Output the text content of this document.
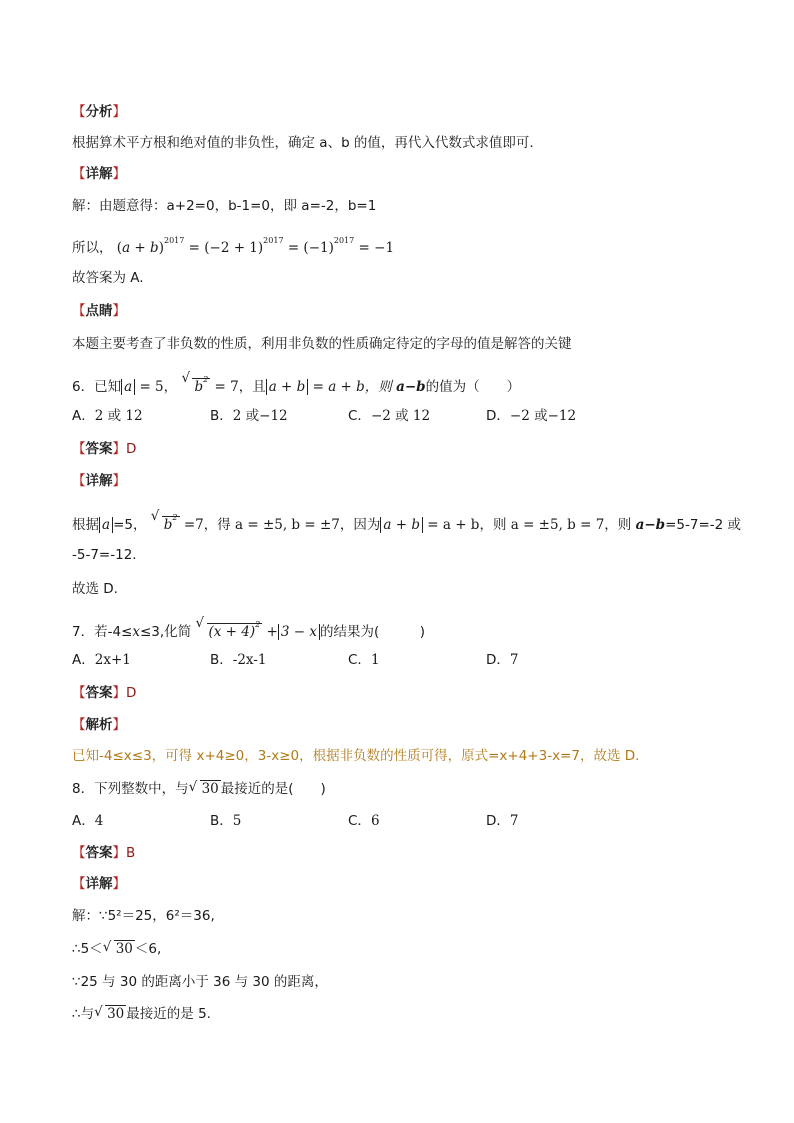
【分析】
根据算术平方根和绝对值的非负性，确定 a、b 的值，再代入代数式求值即可.
【详解】
解：由题意得：a+2=0，b-1=0，即 a=-2，b=1
所以， $(a + b)^{2017} = (-2 + 1)^{2017} = (-1)^{2017} = -1$
故答案为 A.
【点睛】
本题主要考查了非负数的性质，利用非负数的性质确定待定的字母的值是解答的关键
6．已知 a = 5， √ $b^2 = 7$，且 a + b = a + b，则 a−b的值为（　　）
A．2 或 12	B．2 或−12	C．−2 或 12	D．−2 或−12
【答案】D
【详解】
根据 a =5， √ $b^2 =7$，得 a = ±5, b = ±7，因为 a + b = a + b，则 a = ±5, b = 7，则 a−b=5-7=-2 或
-5-7=-12.
故选 D.
7．若-4≤x≤3,化简 √ $(x + 4)^2 + 3 - x$ 的结果为(　　　)
A．2x+1	B．-2x-1	C．1	D．7
【答案】D
【解析】
已知-4≤x≤3，可得 x+4≥0，3-x≥0，根据非负数的性质可得，原式=x+4+3-x=7，故选 D.
8．下列整数中，与 √ 30 最接近的是(　　)
A．4	B．5	C．6	D．7
【答案】B
【详解】
解：∵5²＝25，6²＝36,
∴5＜ √ 30 ＜6,
∵25 与 30 的距离小于 36 与 30 的距离，
∴与 √ 30 最接近的是 5.
